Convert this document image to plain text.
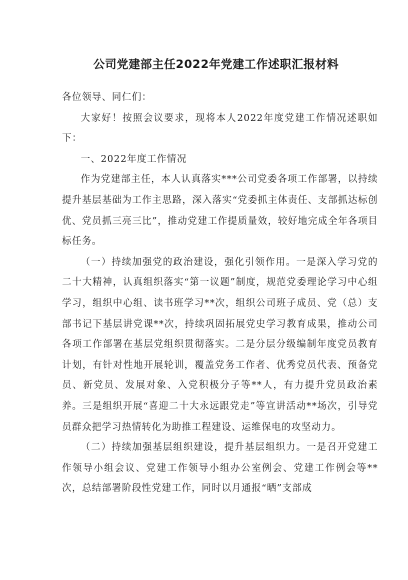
公司党建部主任2022年党建工作述职汇报材料

各位领导、同仁们：

大家好！按照会议要求，现将本人2022年度党建工作情况述职如下：

一、2022年度工作情况

作为党建部主任，本人认真落实***公司党委各项工作部署，以持续提升基层基础为工作主思路，深入落实“党委抓主体责任、支部抓达标创优、党员抓三亮三比”，推动党建工作提质量效，较好地完成全年各项目标任务。

（一）持续加强党的政治建设，强化引领作用。一是深入学习党的二十大精神，认真组织落实“第一议题”制度，规范党委理论学习中心组学习，组织中心组、读书班学习**次，组织公司班子成员、党（总）支部书记下基层讲党课**次，持续巩固拓展党史学习教育成果，推动公司各项工作部署在基层党组织贯彻落实。二是分层分级编制年度党员教育计划，有针对性地开展轮训，覆盖党务工作者、优秀党员代表、预备党员、新党员、发展对象、入党积极分子等**人，有力提升党员政治素养。三是组织开展“喜迎二十大永远跟党走”等宣讲活动**场次，引导党员群众把学习热情转化为助推工程建设、运维保电的攻坚动力。

（二）持续加强基层组织建设，提升基层组织力。一是召开党建工作领导小组会议、党建工作领导小组办公室例会、党建工作例会等**次，总结部署阶段性党建工作，同时以月通报“晒”支部成
